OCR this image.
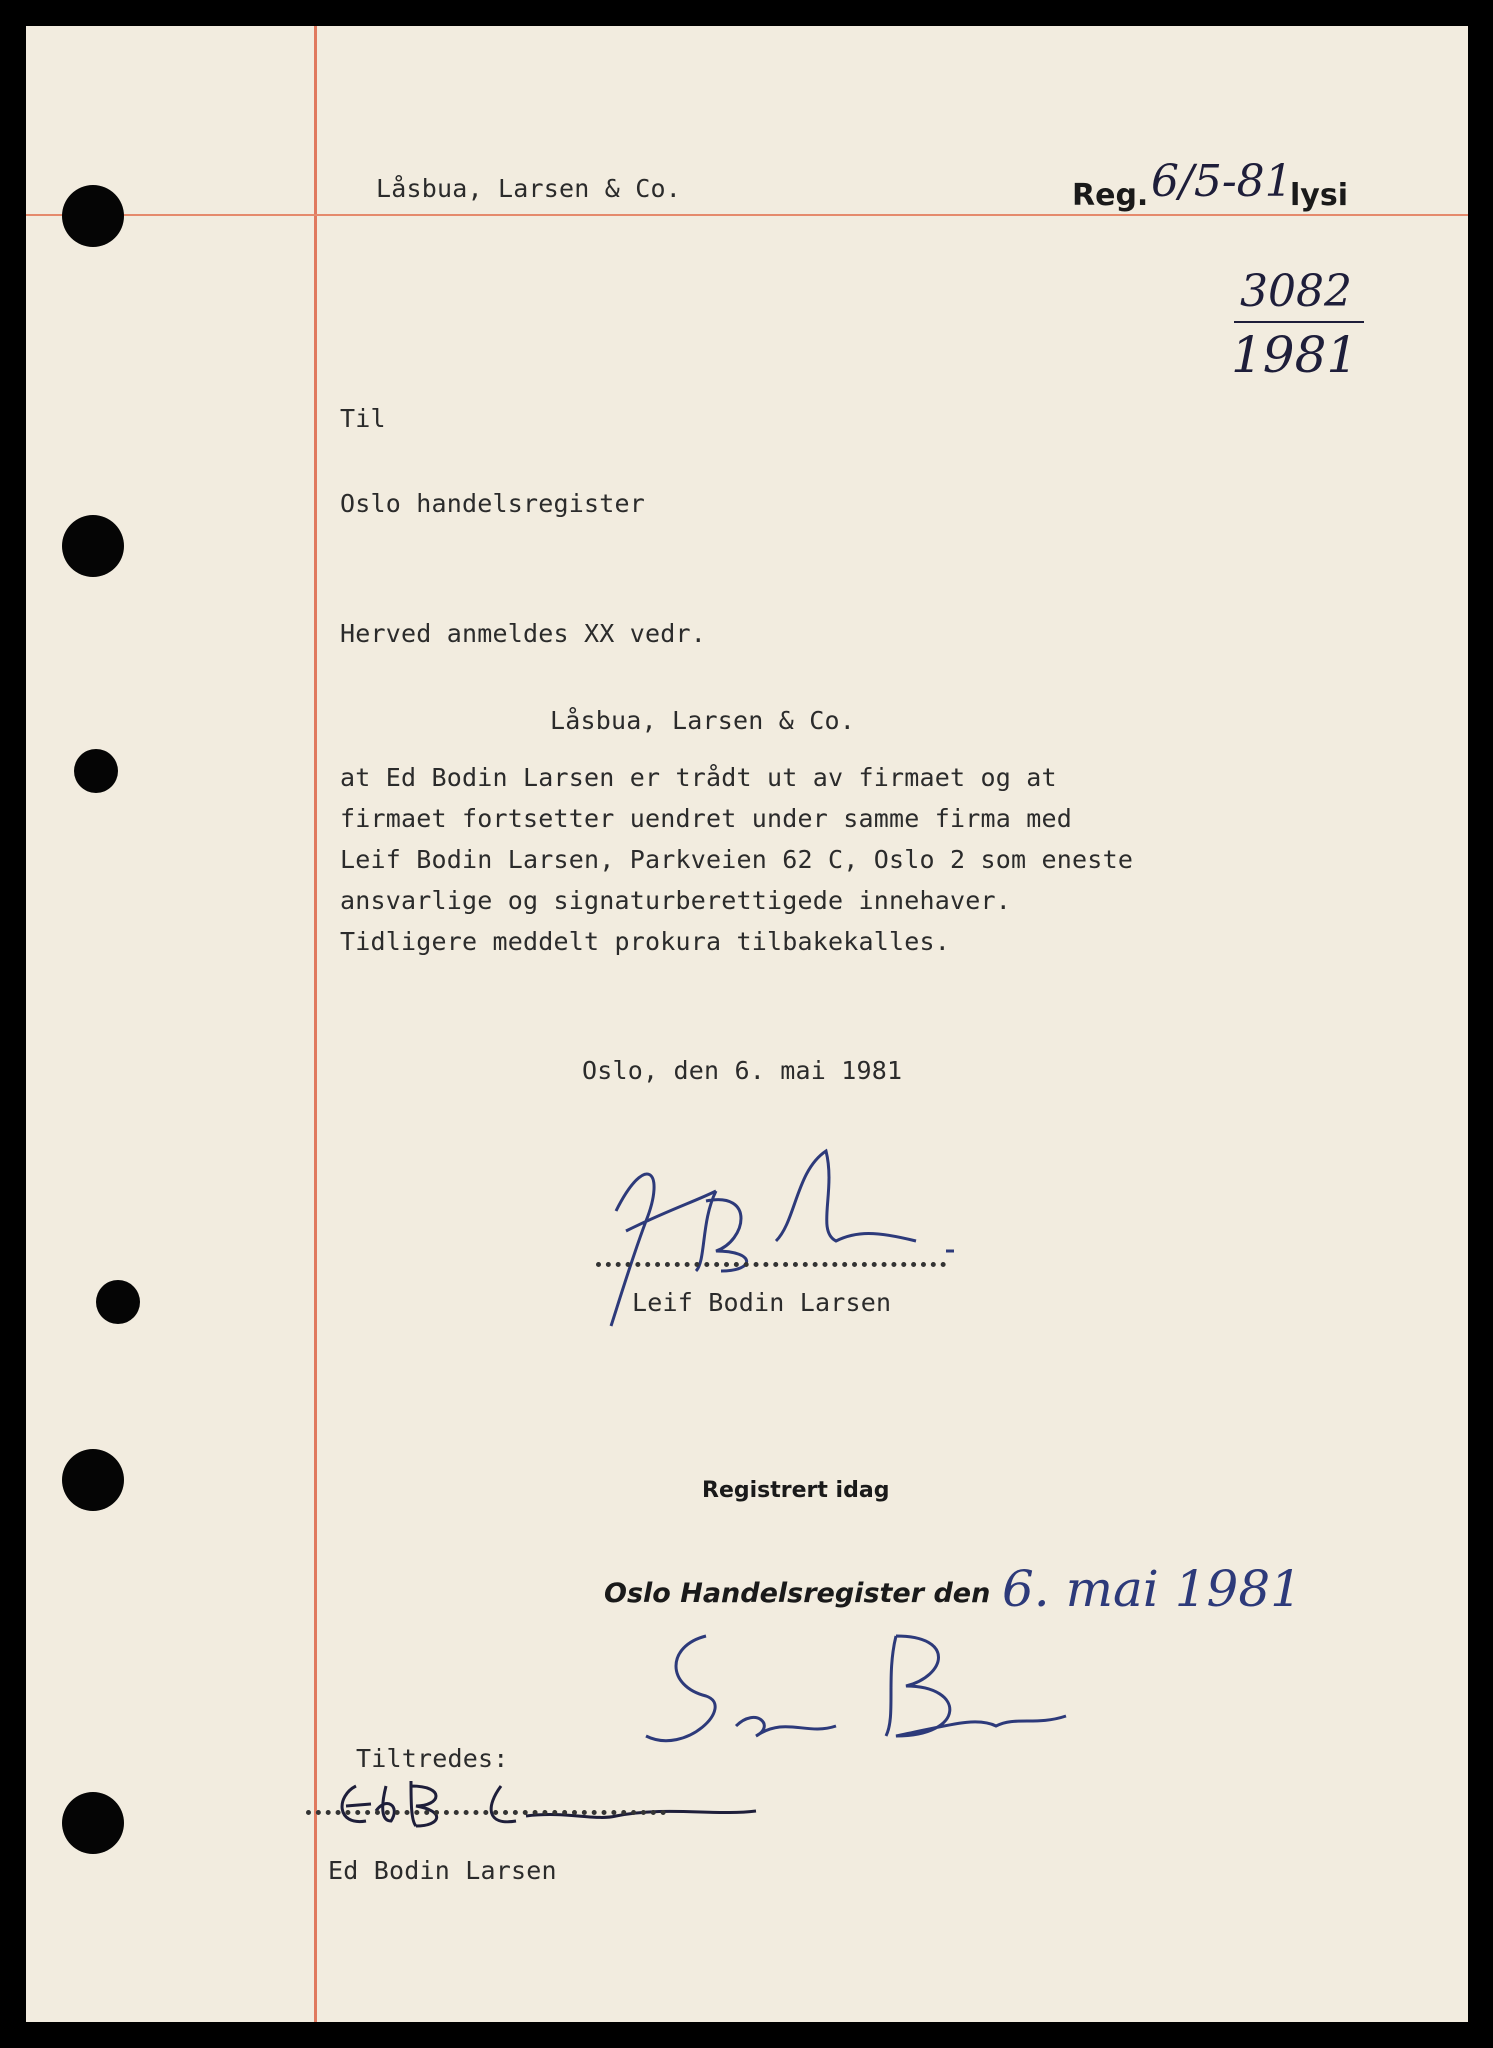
Låsbua, Larsen & Co.	Reg. 6/5-81
lysi
3082
1981
Til
Oslo handelsregister
Herved anmeldes XX vedr.
Låsbua, Larsen & Co.
at Ed Bodin Larsen er trådt ut av firmaet og at
firmaet fortsetter uendret under samme firma med
Leif Bodin Larsen, Parkveien 62 C, Oslo 2 som eneste
ansvarlige og signaturberettigede innehaver.
Tidligere meddelt prokura tilbakekalles.
Oslo, den 6. mai 1981
Leif Bodin Larsen
Registrert idag
Oslo Handelsregister den 6. mai 1981
Tiltredes:
Ed Bodin Larsen
